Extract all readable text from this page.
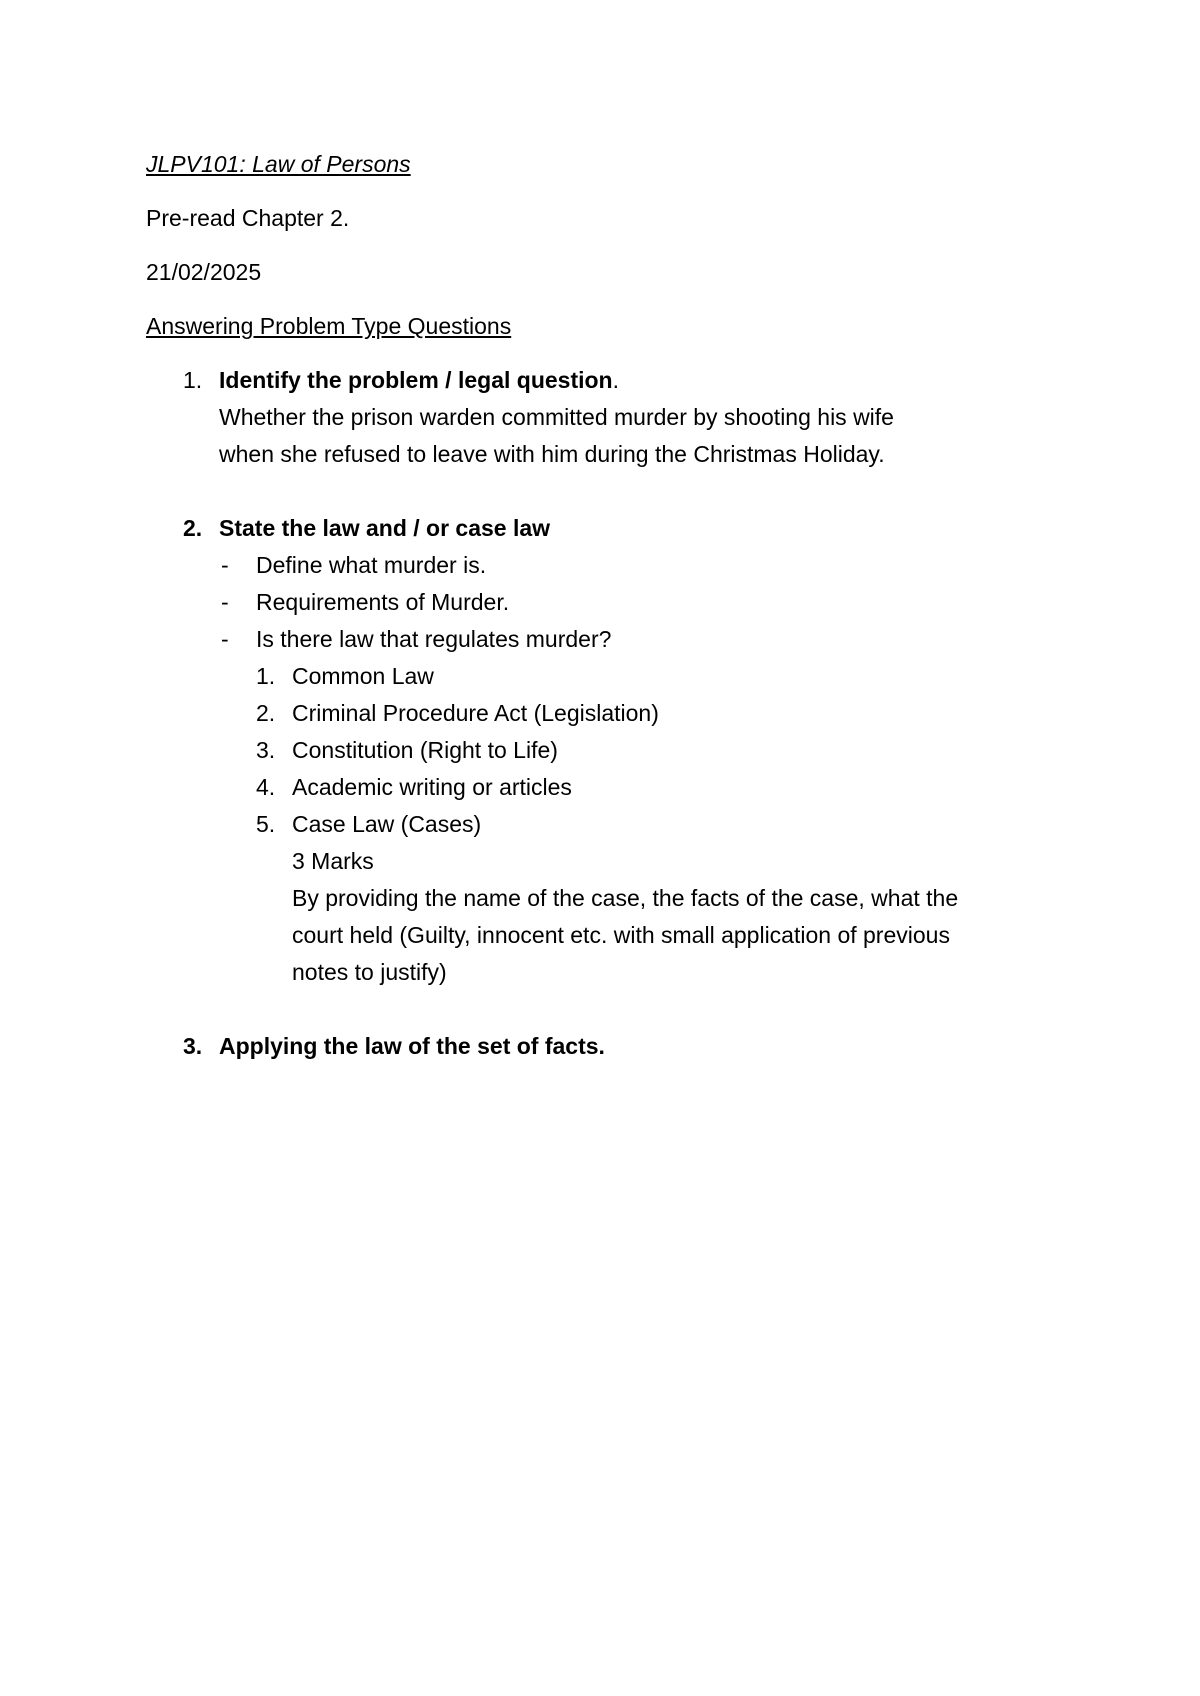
JLPV101: Law of Persons
Pre-read Chapter 2.
21/02/2025
Answering Problem Type Questions
1. Identify the problem / legal question.
Whether the prison warden committed murder by shooting his wife
when she refused to leave with him during the Christmas Holiday.
2. State the law and / or case law
- Define what murder is.
- Requirements of Murder.
- Is there law that regulates murder?
1. Common Law
2. Criminal Procedure Act (Legislation)
3. Constitution (Right to Life)
4. Academic writing or articles
5. Case Law (Cases)
3 Marks
By providing the name of the case, the facts of the case, what the
court held (Guilty, innocent etc. with small application of previous
notes to justify)
3. Applying the law of the set of facts.
